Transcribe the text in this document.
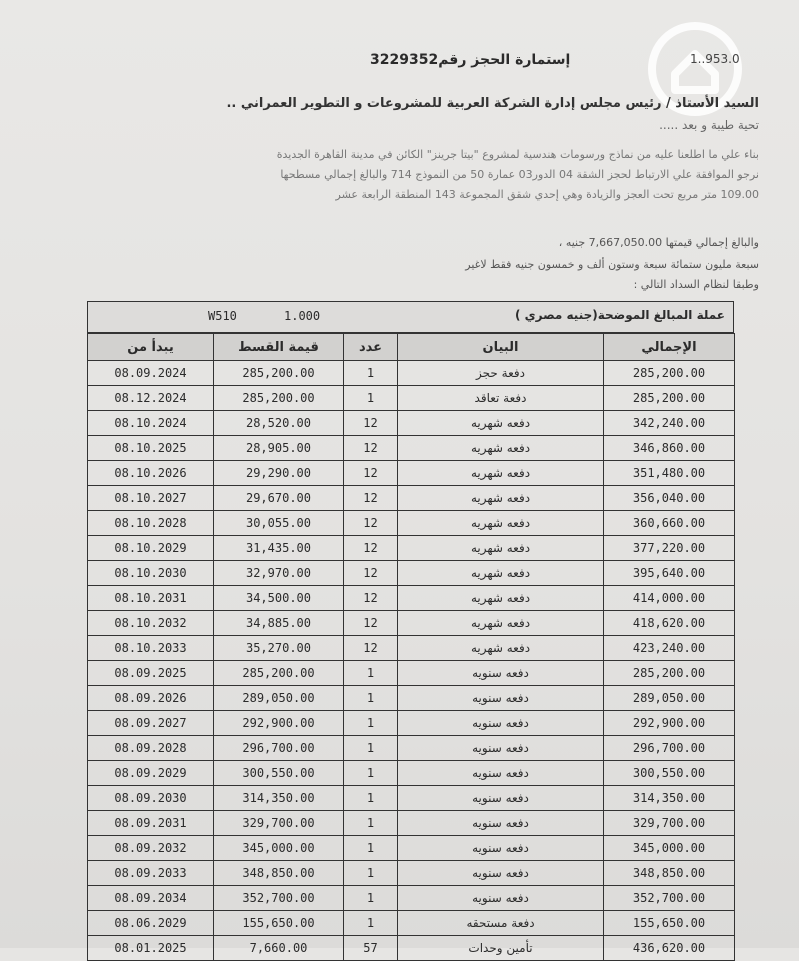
1..953.0
إستمارة الحجز رقم3229352
السيد الأستاذ / رئيس مجلس إدارة الشركة العربية للمشروعات و التطوير العمراني ..
تحية طيبة و بعد .....
بناء علي ما اطلعنا عليه من نماذج ورسومات هندسية لمشروع "بيتا جرينز" الكائن في مدينة القاهرة الجديدة
نرجو الموافقة علي الارتباط لحجز الشقة 04 الدور03 عمارة 50 من النموذج 714 والبالغ إجمالي مسطحها
109.00 متر مربع تحت العجز والزيادة وهي إحدي شقق المجموعة 143 المنطقة الرابعة عشر
والبالغ إجمالي قيمتها 7,667,050.00 جنيه ،
سبعة مليون ستمائة سبعة وستون ألف و خمسون جنيه فقط لاغير
وطبقا لنظام السداد التالي :
W510	1.000	عملة المبالغ الموضحة(جنيه مصري )
يبدأ من	قيمة القسط	عدد	البيان	الإجمالي
08.09.2024	285,200.00	1	دفعة حجز	285,200.00
08.12.2024	285,200.00	1	دفعة تعاقد	285,200.00
08.10.2024	28,520.00	12	دفعه شهريه	342,240.00
08.10.2025	28,905.00	12	دفعه شهريه	346,860.00
08.10.2026	29,290.00	12	دفعه شهريه	351,480.00
08.10.2027	29,670.00	12	دفعه شهريه	356,040.00
08.10.2028	30,055.00	12	دفعه شهريه	360,660.00
08.10.2029	31,435.00	12	دفعه شهريه	377,220.00
08.10.2030	32,970.00	12	دفعه شهريه	395,640.00
08.10.2031	34,500.00	12	دفعه شهريه	414,000.00
08.10.2032	34,885.00	12	دفعه شهريه	418,620.00
08.10.2033	35,270.00	12	دفعه شهريه	423,240.00
08.09.2025	285,200.00	1	دفعه سنويه	285,200.00
08.09.2026	289,050.00	1	دفعه سنويه	289,050.00
08.09.2027	292,900.00	1	دفعه سنويه	292,900.00
08.09.2028	296,700.00	1	دفعه سنويه	296,700.00
08.09.2029	300,550.00	1	دفعه سنويه	300,550.00
08.09.2030	314,350.00	1	دفعه سنويه	314,350.00
08.09.2031	329,700.00	1	دفعه سنويه	329,700.00
08.09.2032	345,000.00	1	دفعه سنويه	345,000.00
08.09.2033	348,850.00	1	دفعه سنويه	348,850.00
08.09.2034	352,700.00	1	دفعه سنويه	352,700.00
08.06.2029	155,650.00	1	دفعة مستحقه	155,650.00
08.01.2025	7,660.00	57	تأمين وحدات	436,620.00
